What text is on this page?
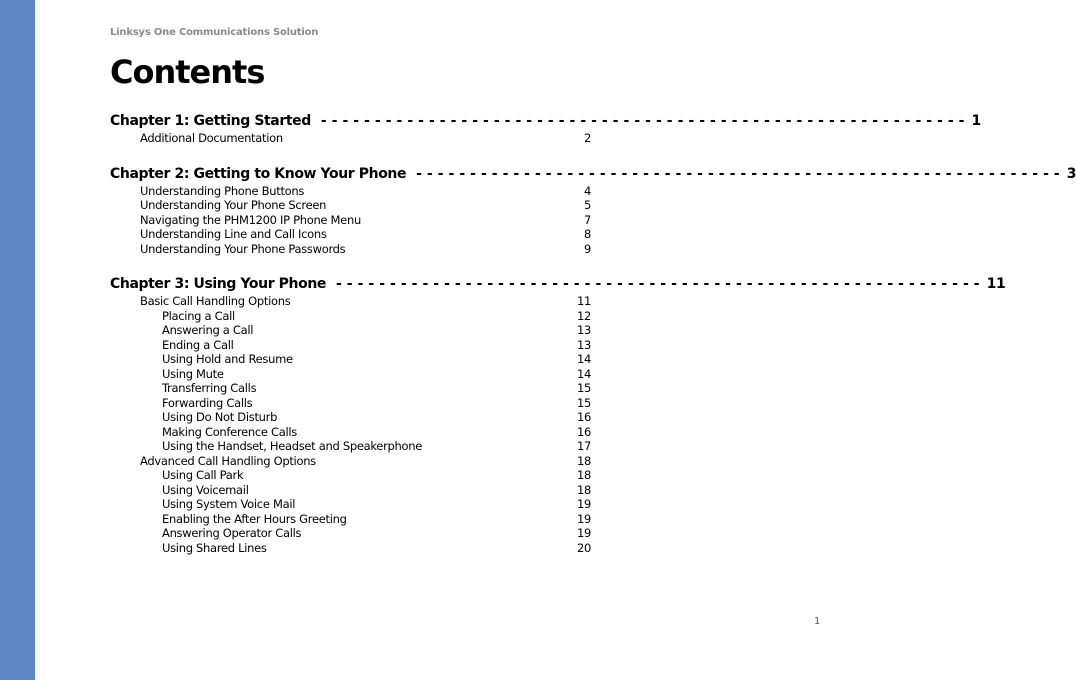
Linksys One Communications Solution
Contents
Chapter 1: Getting Started ------------------------------------------------------------ 1
Additional Documentation	2
Chapter 2: Getting to Know Your Phone ------------------------------------------------------------ 3
Understanding Phone Buttons	4
Understanding Your Phone Screen	5
Navigating the PHM1200 IP Phone Menu	7
Understanding Line and Call Icons	8
Understanding Your Phone Passwords	9
Chapter 3: Using Your Phone ------------------------------------------------------------ 11
Basic Call Handling Options	11
Placing a Call	12
Answering a Call	13
Ending a Call	13
Using Hold and Resume	14
Using Mute	14
Transferring Calls	15
Forwarding Calls	15
Using Do Not Disturb	16
Making Conference Calls	16
Using the Handset, Headset and Speakerphone	17
Advanced Call Handling Options	18
Using Call Park	18
Using Voicemail	18
Using System Voice Mail	19
Enabling the After Hours Greeting	19
Answering Operator Calls	19
Using Shared Lines	20
1
